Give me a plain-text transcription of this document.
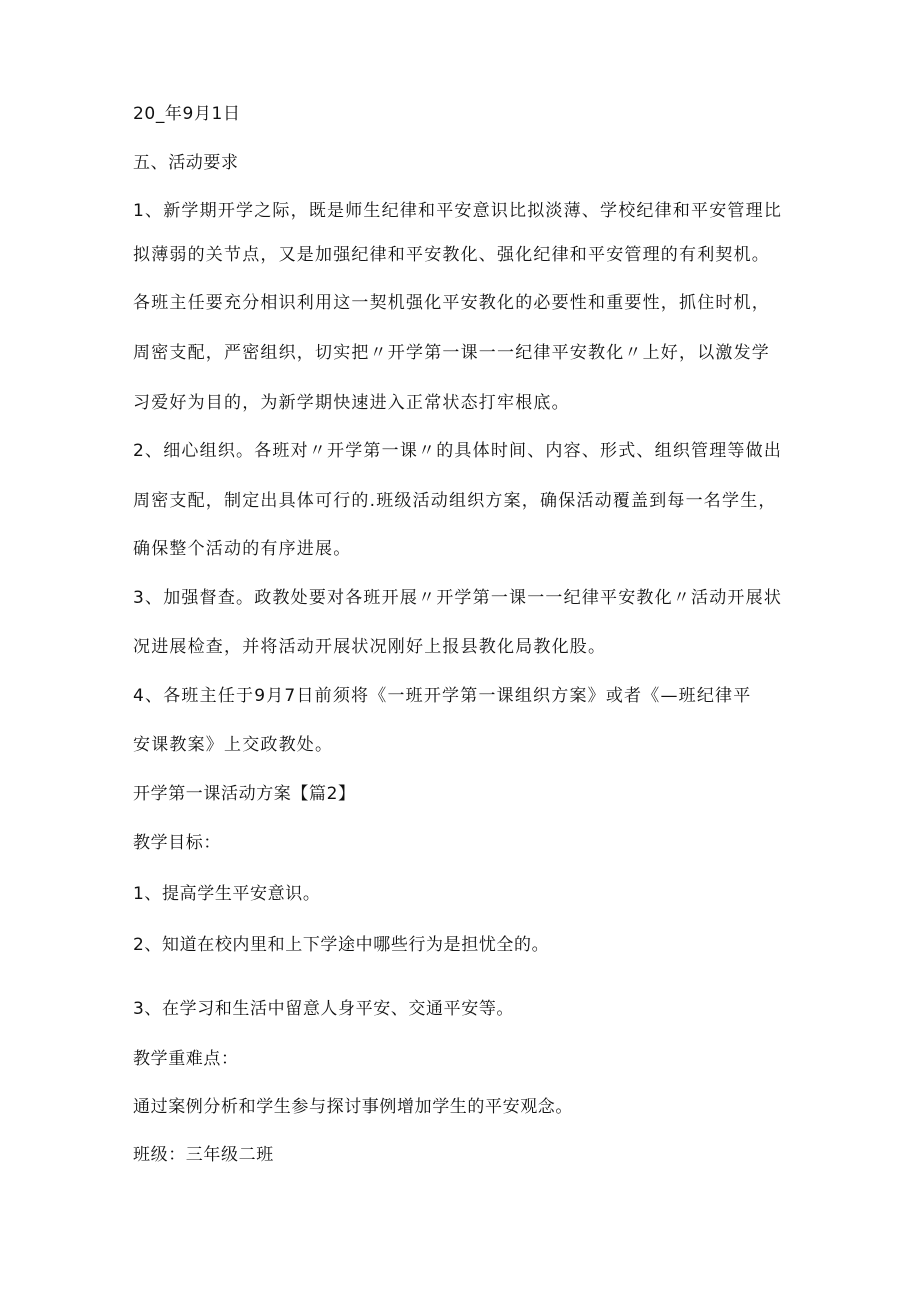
20_年9月1日
五、活动要求
1、新学期开学之际，既是师生纪律和平安意识比拟淡薄、学校纪律和平安管理比
拟薄弱的关节点，又是加强纪律和平安教化、强化纪律和平安管理的有利契机。
各班主任要充分相识利用这一契机强化平安教化的必要性和重要性，抓住时机，
周密支配，严密组织，切实把〃开学第一课一一纪律平安教化〃上好，以激发学
习爱好为目的，为新学期快速进入正常状态打牢根底。
2、细心组织。各班对〃开学第一课〃的具体时间、内容、形式、组织管理等做出
周密支配，制定出具体可行的.班级活动组织方案，确保活动覆盖到每一名学生，
确保整个活动的有序进展。
3、加强督查。政教处要对各班开展〃开学第一课一一纪律平安教化〃活动开展状
况进展检查，并将活动开展状况刚好上报县教化局教化股。
4、各班主任于9月7日前须将《一班开学第一课组织方案》或者《—班纪律平
安课教案》上交政教处。
开学第一课活动方案【篇2】
教学目标：
1、提高学生平安意识。
2、知道在校内里和上下学途中哪些行为是担忧全的。
3、在学习和生活中留意人身平安、交通平安等。
教学重难点：
通过案例分析和学生参与探讨事例增加学生的平安观念。
班级：三年级二班
